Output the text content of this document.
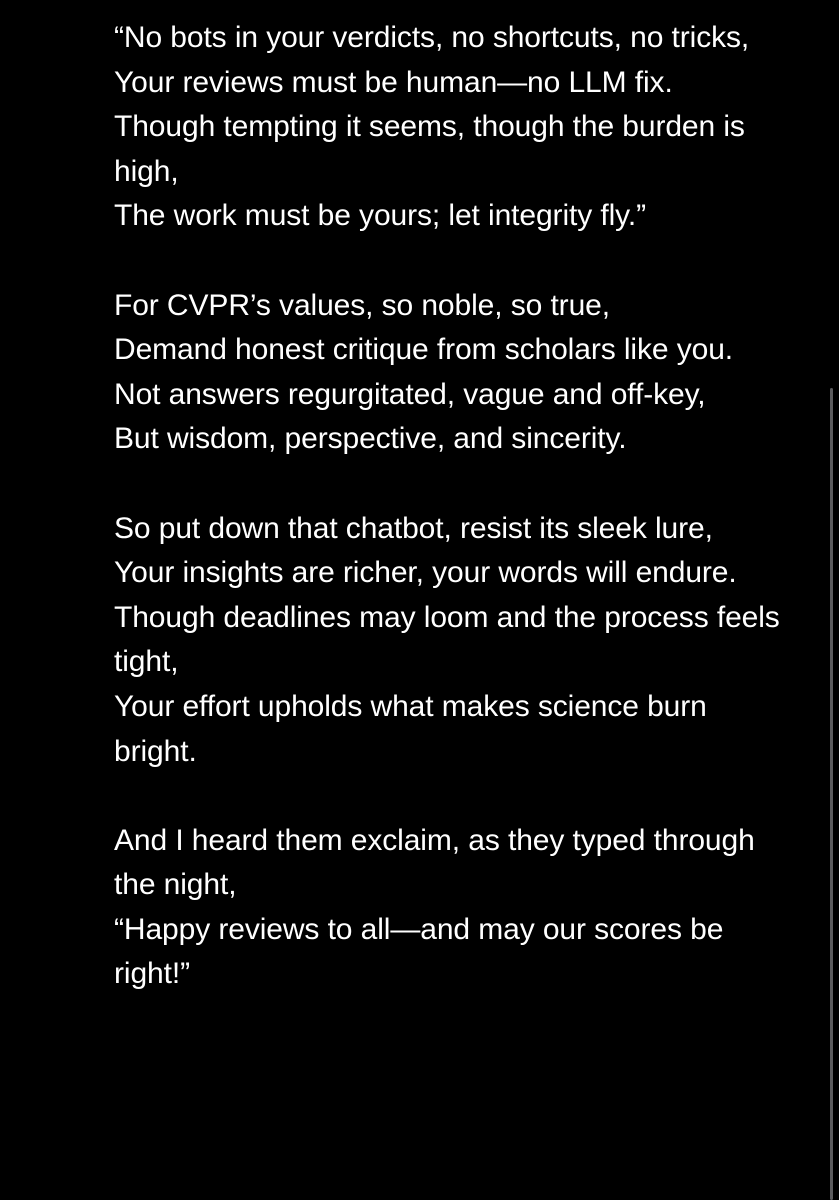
“No bots in your verdicts, no shortcuts, no tricks,
Your reviews must be human—no LLM fix.
Though tempting it seems, though the burden is high,
The work must be yours; let integrity fly.”
For CVPR’s values, so noble, so true,
Demand honest critique from scholars like you.
Not answers regurgitated, vague and off-key,
But wisdom, perspective, and sincerity.
So put down that chatbot, resist its sleek lure,
Your insights are richer, your words will endure.
Though deadlines may loom and the process feels tight,
Your effort upholds what makes science burn bright.
And I heard them exclaim, as they typed through the night,
“Happy reviews to all—and may our scores be right!”
